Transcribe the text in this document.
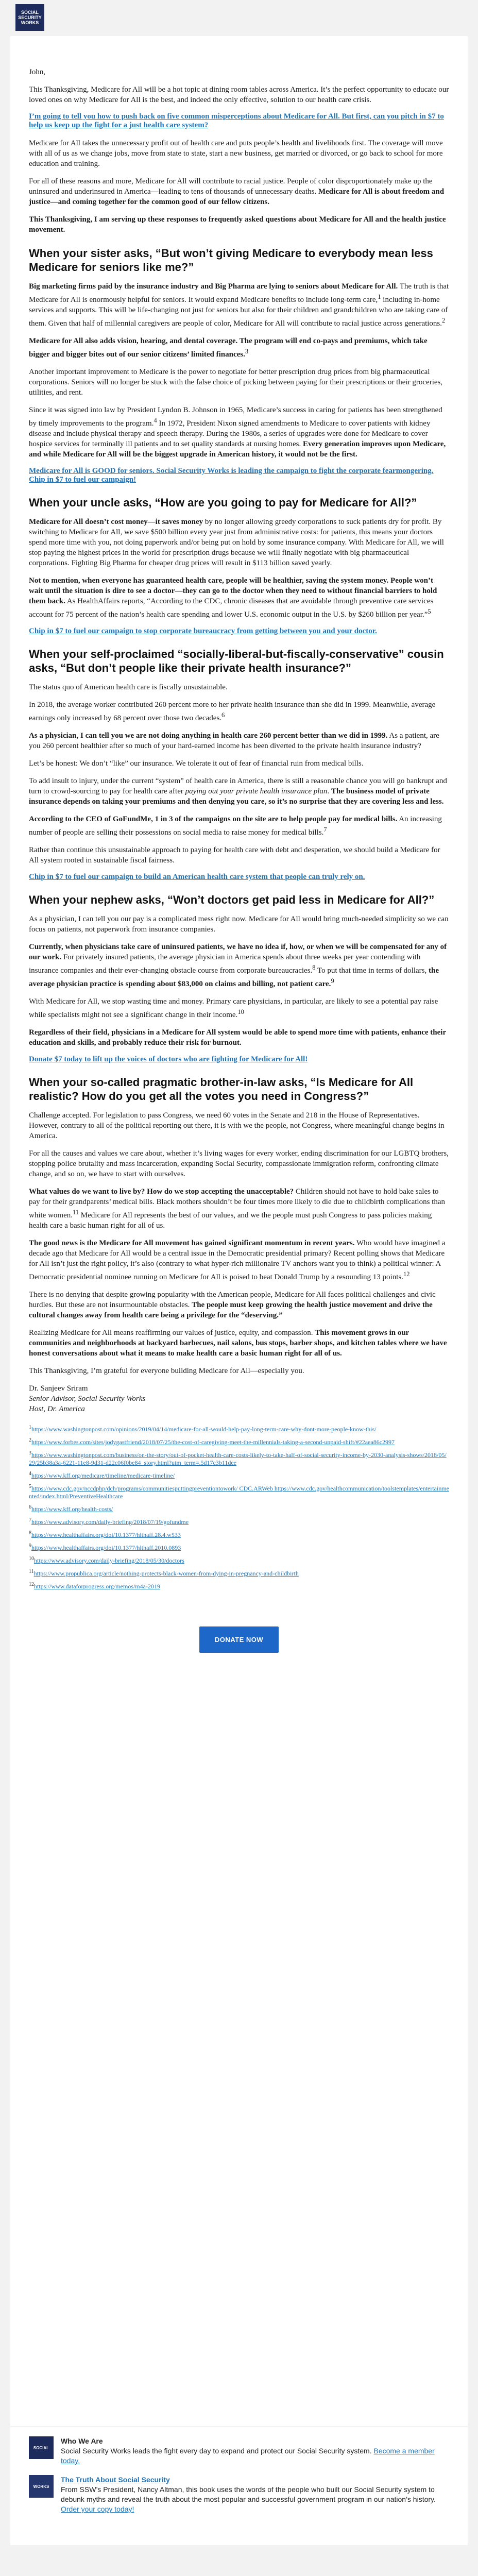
SOCIAL
SECURITY
WORKS

John,

This Thanksgiving, Medicare for All will be a hot topic at dining room tables across America. It’s the perfect opportunity to educate our loved ones on why Medicare for All is the best, and indeed the only effective, solution to our health care crisis.

I’m going to tell you how to push back on five common misperceptions about Medicare for All. But first, can you pitch in $7 to help us keep up the fight for a just health care system?

Medicare for All takes the unnecessary profit out of health care and puts people’s health and livelihoods first. The coverage will move with all of us as we change jobs, move from state to state, start a new business, get married or divorced, or go back to school for more education and training.

For all of these reasons and more, Medicare for All will contribute to racial justice. People of color disproportionately make up the uninsured and underinsured in America—leading to tens of thousands of unnecessary deaths. Medicare for All is about freedom and justice—and coming together for the common good of our fellow citizens.

This Thanksgiving, I am serving up these responses to frequently asked questions about Medicare for All and the health justice movement.

When your sister asks, “But won’t giving Medicare to everybody mean less Medicare for seniors like me?”

Big marketing firms paid by the insurance industry and Big Pharma are lying to seniors about Medicare for All. The truth is that Medicare for All is enormously helpful for seniors. It would expand Medicare benefits to include long-term care,$^1$ including in-home services and supports. This will be life-changing not just for seniors but also for their children and grandchildren who are taking care of them. Given that half of millennial caregivers are people of color, Medicare for All will contribute to racial justice across generations.$^2$

Medicare for All also adds vision, hearing, and dental coverage. The program will end co-pays and premiums, which take bigger and bigger bites out of our senior citizens’ limited finances.$^3$

Another important improvement to Medicare is the power to negotiate for better prescription drug prices from big pharmaceutical corporations. Seniors will no longer be stuck with the false choice of picking between paying for their prescriptions or their groceries, utilities, and rent.

Since it was signed into law by President Lyndon B. Johnson in 1965, Medicare’s success in caring for patients has been strengthened by timely improvements to the program.$^4$ In 1972, President Nixon signed amendments to Medicare to cover patients with kidney disease and include physical therapy and speech therapy. During the 1980s, a series of upgrades were done for Medicare to cover hospice services for terminally ill patients and to set quality standards at nursing homes. Every generation improves upon Medicare, and while Medicare for All will be the biggest upgrade in American history, it would not be the first.

Medicare for All is GOOD for seniors. Social Security Works is leading the campaign to fight the corporate fearmongering. Chip in $7 to fuel our campaign!
When your uncle asks, “How are you going to pay for Medicare for All?”

Medicare for All doesn’t cost money—it saves money by no longer allowing greedy corporations to suck patients dry for profit. By switching to Medicare for All, we save $500 billion every year just from administrative costs: for patients, this means your doctors spend more time with you, not doing paperwork and/or being put on hold by some insurance company. With Medicare for All, we will stop paying the highest prices in the world for prescription drugs because we will finally negotiate with big pharmaceutical corporations. Fighting Big Pharma for cheaper drug prices will result in $113 billion saved yearly.

Not to mention, when everyone has guaranteed health care, people will be healthier, saving the system money. People won’t wait until the situation is dire to see a doctor—they can go to the doctor when they need to without financial barriers to hold them back. As HealthAffairs reports, “According to the CDC, chronic diseases that are avoidable through preventive care services account for 75 percent of the nation’s health care spending and lower U.S. economic output in the U.S. by $260 billion per year.”$^5$

Chip in $7 to fuel our campaign to stop corporate bureaucracy from getting between you and your doctor.
When your self-proclaimed “socially-liberal-but-fiscally-conservative” cousin asks, “But don’t people like their private health insurance?”

The status quo of American health care is fiscally unsustainable.

In 2018, the average worker contributed 260 percent more to her private health insurance than she did in 1999. Meanwhile, average earnings only increased by 68 percent over those two decades.$^6$

As a physician, I can tell you we are not doing anything in health care 260 percent better than we did in 1999. As a patient, are you 260 percent healthier after so much of your hard-earned income has been diverted to the private health insurance industry?

Let’s be honest: We don’t “like” our insurance. We tolerate it out of fear of financial ruin from medical bills.

To add insult to injury, under the current “system” of health care in America, there is still a reasonable chance you will go bankrupt and turn to crowd-sourcing to pay for health care after paying out your private health insurance plan. The business model of private insurance depends on taking your premiums and then denying you care, so it’s no surprise that they are covering less and less.

According to the CEO of GoFundMe, 1 in 3 of the campaigns on the site are to help people pay for medical bills. An increasing number of people are selling their possessions on social media to raise money for medical bills.$^7$

Rather than continue this unsustainable approach to paying for health care with debt and desperation, we should build a Medicare for All system rooted in sustainable fiscal fairness.

Chip in $7 to fuel our campaign to build an American health care system that people can truly rely on.
When your nephew asks, “Won’t doctors get paid less in Medicare for All?”

As a physician, I can tell you our pay is a complicated mess right now. Medicare for All would bring much-needed simplicity so we can focus on patients, not paperwork from insurance companies.

Currently, when physicians take care of uninsured patients, we have no idea if, how, or when we will be compensated for any of our work. For privately insured patients, the average physician in America spends about three weeks per year contending with insurance companies and their ever-changing obstacle course from corporate bureaucracies.$^8$ To put that time in terms of dollars, the average physician practice is spending about $83,000 on claims and billing, not patient care.$^9$

With Medicare for All, we stop wasting time and money. Primary care physicians, in particular, are likely to see a potential pay raise while specialists might not see a significant change in their income.$^{10}$

Regardless of their field, physicians in a Medicare for All system would be able to spend more time with patients, enhance their education and skills, and probably reduce their risk for burnout.

Donate $7 today to lift up the voices of doctors who are fighting for Medicare for All!
When your so-called pragmatic brother-in-law asks, “Is Medicare for All realistic? How do you get all the votes you need in Congress?”

Challenge accepted. For legislation to pass Congress, we need 60 votes in the Senate and 218 in the House of Representatives. However, contrary to all of the political reporting out there, it is with we the people, not Congress, where meaningful change begins in America.

For all the causes and values we care about, whether it’s living wages for every worker, ending discrimination for our LGBTQ brothers, stopping police brutality and mass incarceration, expanding Social Security, compassionate immigration reform, confronting climate change, and so on, we have to start with ourselves.

What values do we want to live by? How do we stop accepting the unacceptable? Children should not have to hold bake sales to pay for their grandparents’ medical bills. Black mothers shouldn’t be four times more likely to die due to childbirth complications than white women.$^{11}$ Medicare for All represents the best of our values, and we the people must push Congress to pass policies making health care a basic human right for all of us.

The good news is the Medicare for All movement has gained significant momentum in recent years. Who would have imagined a decade ago that Medicare for All would be a central issue in the Democratic presidential primary? Recent polling shows that Medicare for All isn’t just the right policy, it’s also (contrary to what hyper-rich millionaire TV anchors want you to think) a political winner: A Democratic presidential nominee running on Medicare for All is poised to beat Donald Trump by a resounding 13 points.$^{12}$

There is no denying that despite growing popularity with the American people, Medicare for All faces political challenges and civic hurdles. But these are not insurmountable obstacles. The people must keep growing the health justice movement and drive the cultural changes away from health care being a privilege for the “deserving.”

Realizing Medicare for All means reaffirming our values of justice, equity, and compassion. This movement grows in our communities and neighborhoods at backyard barbecues, nail salons, bus stops, barber shops, and kitchen tables where we have honest conversations about what it means to make health care a basic human right for all of us.

This Thanksgiving, I’m grateful for everyone building Medicare for All—especially you.

Dr. Sanjeev Sriram

Senior Advisor, Social Security Works

Host, Dr. America

$^1$https://www.washingtonpost.com/opinions/2019/04/14/medicare-for-all-would-help-pay-long-term-care-why-dont-more-people-know-this/
$^2$https://www.forbes.com/sites/jodygastfriend/2018/07/25/the-cost-of-caregiving-meet-the-millennials-taking-a-second-unpaid-shift/#22aea86c2997
$^3$https://www.washingtonpost.com/business/on-the-story/out-of-pocket-health-care-costs-likely-to-take-half-of-social-security-income-by-2030-analysis-shows/2018/05/29/25b38a3a-6221-11e8-9d31-d22c06f0be84_story.html?utm_term=.5d17c3b11dee
$^4$https://www.kff.org/medicare/timeline/medicare-timeline/
$^5$https://www.cdc.gov/nccdphp/dch/programs/communitiesputtingpreventiontowork/ CDC.ARWeb https://www.cdc.gov/healthcommunication/toolstemplates/entertainmented/index.html/PreventiveHealthcare
$^6$https://www.kff.org/health-costs/
$^7$https://www.advisory.com/daily-briefing/2018/07/19/gofundme
$^8$https://www.healthaffairs.org/doi/10.1377/hlthaff.28.4.w533
$^9$https://www.healthaffairs.org/doi/10.1377/hlthaff.2010.0893
$^{10}$https://www.advisory.com/daily-briefing/2018/05/30/doctors
$^{11}$https://www.propublica.org/article/nothing-protects-black-women-from-dying-in-pregnancy-and-childbirth
$^{12}$https://www.dataforprogress.org/memos/m4a-2019
DONATE NOW
SOCIAL
Who We Are
Social Security Works leads the fight every day to expand and protect our Social Security system. Become a member today.
WORKS
The Truth About Social Security
From SSW’s President, Nancy Altman, this book uses the words of the people who built our Social Security system to debunk myths and reveal the truth about the most popular and successful government program in our nation’s history. Order your copy today!
